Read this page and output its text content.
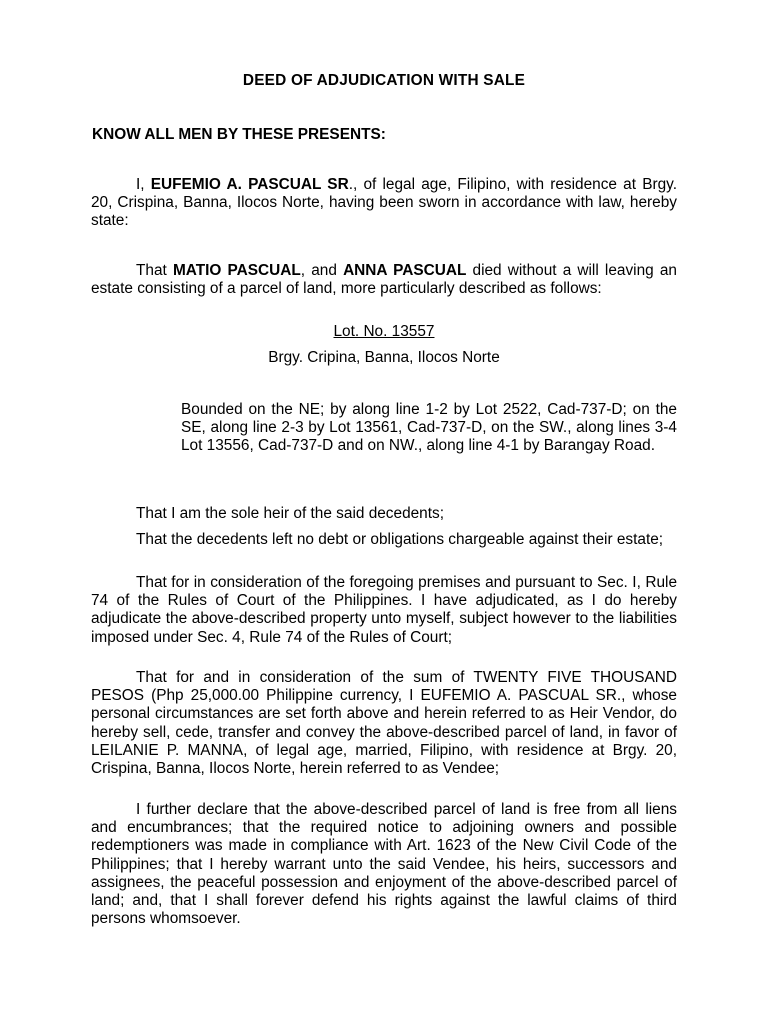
DEED OF ADJUDICATION WITH SALE
KNOW ALL MEN BY THESE PRESENTS:
I, EUFEMIO A. PASCUAL SR., of legal age, Filipino, with residence at Brgy. 20, Crispina, Banna, Ilocos Norte, having been sworn in accordance with law, hereby state:
That MATIO PASCUAL, and ANNA PASCUAL died without a will leaving an estate consisting of a parcel of land, more particularly described as follows:
Lot. No. 13557
Brgy. Cripina, Banna, Ilocos Norte
Bounded on the NE; by along line 1-2 by Lot 2522, Cad-737-D; on the SE, along line 2-3 by Lot 13561, Cad-737-D, on the SW., along lines 3-4 Lot 13556, Cad-737-D and on NW., along line 4-1 by Barangay Road.
That I am the sole heir of the said decedents;
That the decedents left no debt or obligations chargeable against their estate;
That for in consideration of the foregoing premises and pursuant to Sec. I, Rule 74 of the Rules of Court of the Philippines. I have adjudicated, as I do hereby adjudicate the above-described property unto myself, subject however to the liabilities imposed under Sec. 4, Rule 74 of the Rules of Court;
That for and in consideration of the sum of TWENTY FIVE THOUSAND PESOS (Php 25,000.00 Philippine currency, I EUFEMIO A. PASCUAL SR., whose personal circumstances are set forth above and herein referred to as Heir Vendor, do hereby sell, cede, transfer and convey the above-described parcel of land, in favor of LEILANIE P. MANNA, of legal age, married, Filipino, with residence at Brgy. 20, Crispina, Banna, Ilocos Norte, herein referred to as Vendee;
I further declare that the above-described parcel of land is free from all liens and encumbrances; that the required notice to adjoining owners and possible redemptioners was made in compliance with Art. 1623 of the New Civil Code of the Philippines; that I hereby warrant unto the said Vendee, his heirs, successors and assignees, the peaceful possession and enjoyment of the above-described parcel of land; and, that I shall forever defend his rights against the lawful claims of third persons whomsoever.
